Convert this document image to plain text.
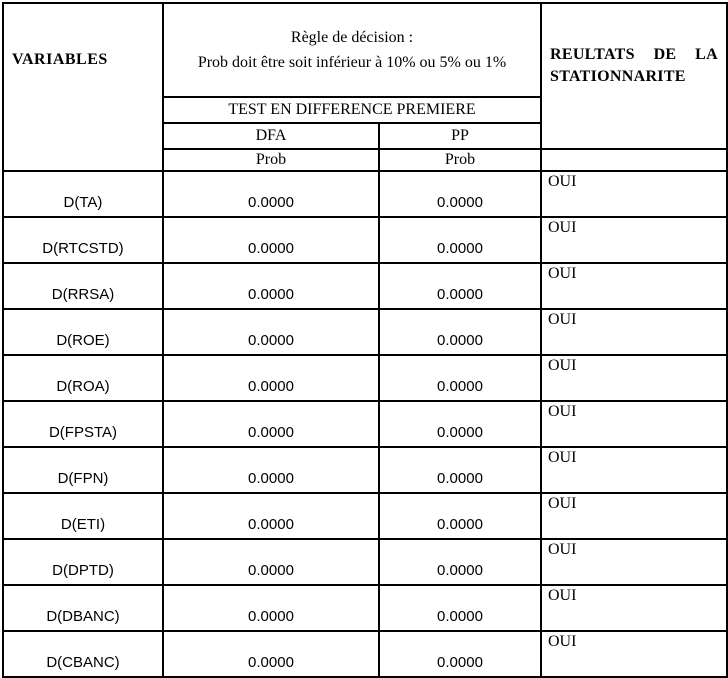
VARIABLES	Règle de décision :
Prob doit être soit inférieur à 10% ou 5% ou 1%		REULTATS DE LA STATIONNARITE
	TEST EN DIFFERENCE PREMIERE		
	DFA	PP	
	Prob	Prob	
D(TA)	0.0000	0.0000	OUI
D(RTCSTD)	0.0000	0.0000	OUI
D(RRSA)	0.0000	0.0000	OUI
D(ROE)	0.0000	0.0000	OUI
D(ROA)	0.0000	0.0000	OUI
D(FPSTA)	0.0000	0.0000	OUI
D(FPN)	0.0000	0.0000	OUI
D(ETI)	0.0000	0.0000	OUI
D(DPTD)	0.0000	0.0000	OUI
D(DBANC)	0.0000	0.0000	OUI
D(CBANC)	0.0000	0.0000	OUI
